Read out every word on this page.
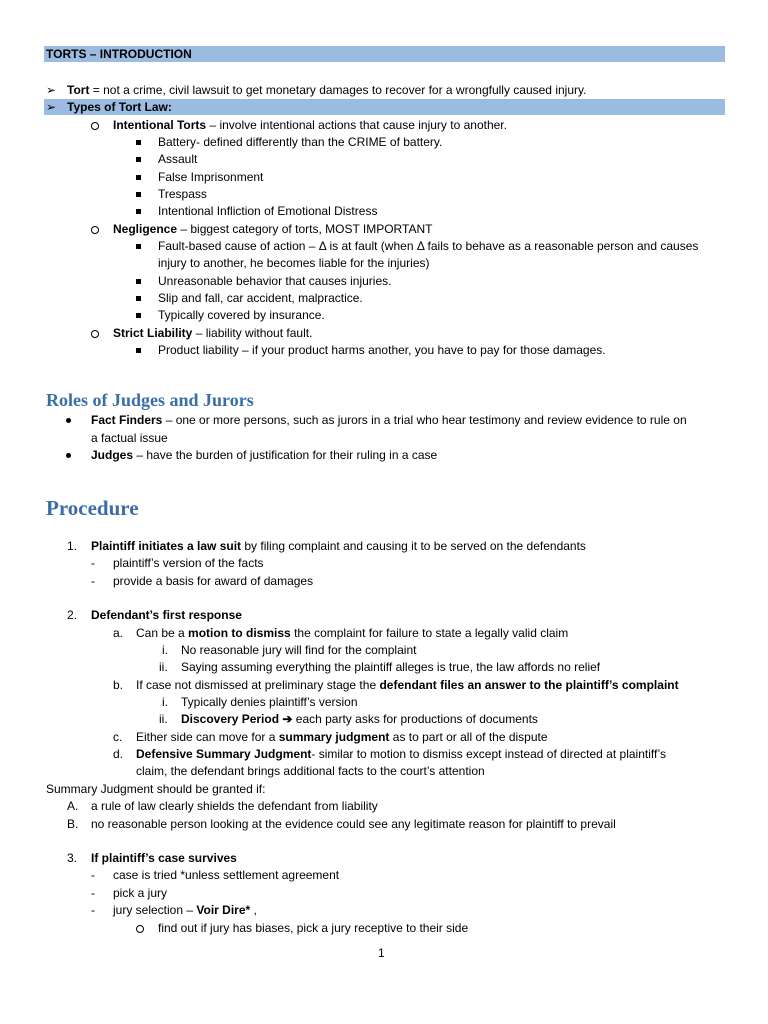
TORTS – INTRODUCTION
➢ Tort = not a crime, civil lawsuit to get monetary damages to recover for a wrongfully caused injury.
➢ Types of Tort Law:
Intentional Torts – involve intentional actions that cause injury to another.
Battery- defined differently than the CRIME of battery.
Assault
False Imprisonment
Trespass
Intentional Infliction of Emotional Distress
Negligence – biggest category of torts, MOST IMPORTANT
Fault-based cause of action – Δ is at fault (when Δ fails to behave as a reasonable person and causes
injury to another, he becomes liable for the injuries)
Unreasonable behavior that causes injuries.
Slip and fall, car accident, malpractice.
Typically covered by insurance.
Strict Liability – liability without fault.
Product liability – if your product harms another, you have to pay for those damages.
Roles of Judges and Jurors
Fact Finders – one or more persons, such as jurors in a trial who hear testimony and review evidence to rule on
a factual issue
Judges – have the burden of justification for their ruling in a case
Procedure
1. Plaintiff initiates a law suit by filing complaint and causing it to be served on the defendants
- plaintiff’s version of the facts
- provide a basis for award of damages
2. Defendant’s first response
a. Can be a motion to dismiss the complaint for failure to state a legally valid claim
i. No reasonable jury will find for the complaint
ii. Saying assuming everything the plaintiff alleges is true, the law affords no relief
b. If case not dismissed at preliminary stage the defendant files an answer to the plaintiff’s complaint
i. Typically denies plaintiff’s version
ii. Discovery Period ➔ each party asks for productions of documents
c. Either side can move for a summary judgment as to part or all of the dispute
d. Defensive Summary Judgment- similar to motion to dismiss except instead of directed at plaintiff’s
claim, the defendant brings additional facts to the court’s attention
Summary Judgment should be granted if:
A. a rule of law clearly shields the defendant from liability
B. no reasonable person looking at the evidence could see any legitimate reason for plaintiff to prevail
3. If plaintiff’s case survives
- case is tried *unless settlement agreement
- pick a jury
- jury selection – Voir Dire* ,
find out if jury has biases, pick a jury receptive to their side
1
